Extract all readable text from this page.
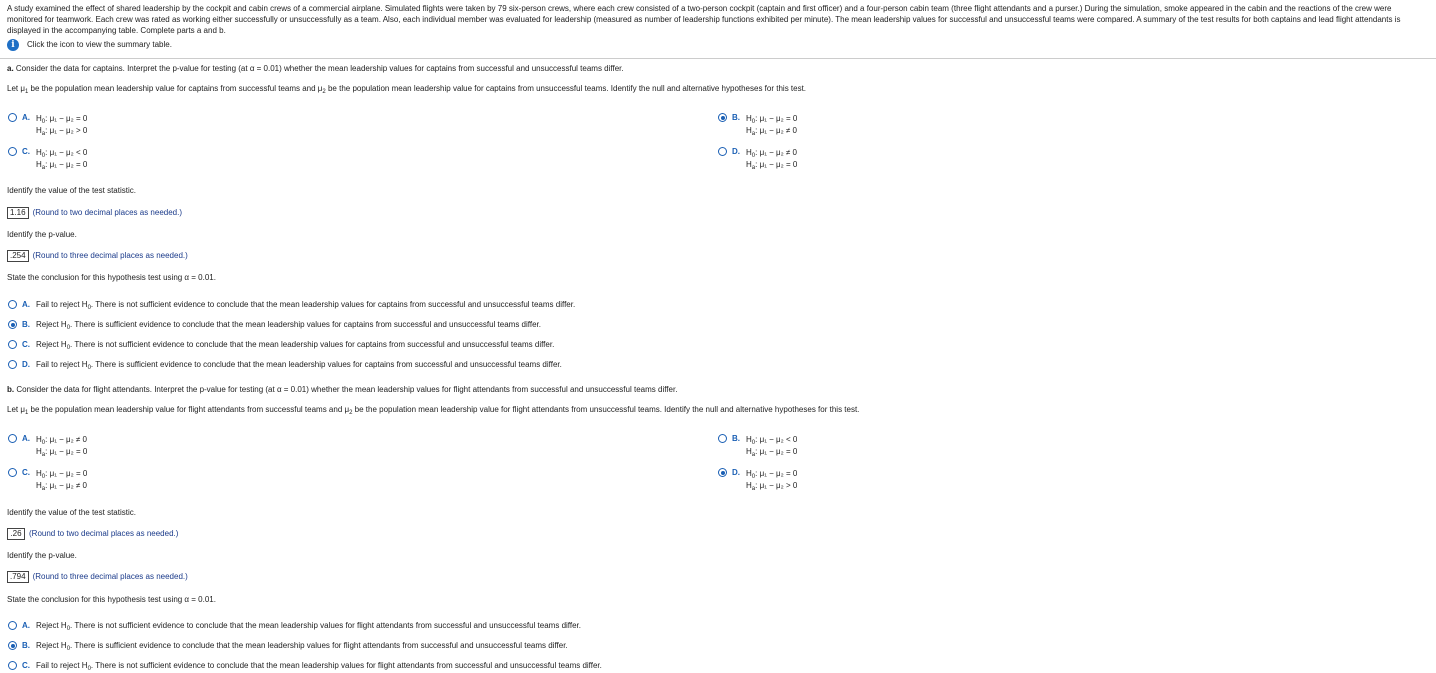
A study examined the effect of shared leadership by the cockpit and cabin crews of a commercial airplane. Simulated flights were taken by 79 six-person crews, where each crew consisted of a two-person cockpit (captain and first officer) and a four-person cabin team (three flight attendants and a purser.) During the simulation, smoke appeared in the cabin and the reactions of the crew were monitored for teamwork. Each crew was rated as working either successfully or unsuccessfully as a team. Also, each individual member was evaluated for leadership (measured as number of leadership functions exhibited per minute). The mean leadership values for successful and unsuccessful teams were compared. A summary of the test results for both captains and lead flight attendants is displayed in the accompanying table. Complete parts a and b.
i	Click the icon to view the summary table.
a. Consider the data for captains. Interpret the p-value for testing (at α = 0.01) whether the mean leadership values for captains from successful and unsuccessful teams differ.
Let $\mu_1$ be the population mean leadership value for captains from successful teams and $\mu_2$ be the population mean leadership value for captains from unsuccessful teams. Identify the null and alternative hypotheses for this test.
A. $H_0$: μ₁ − μ₂ = 0
$H_a$: μ₁ − μ₂ > 0
B. $H_0$: μ₁ − μ₂ = 0
$H_a$: μ₁ − μ₂ ≠ 0
C. $H_0$: μ₁ − μ₂ < 0
$H_a$: μ₁ − μ₂ = 0
D. $H_0$: μ₁ − μ₂ ≠ 0
$H_a$: μ₁ − μ₂ = 0
Identify the value of the test statistic.
1.16 (Round to two decimal places as needed.)
Identify the p-value.
.254 (Round to three decimal places as needed.)
State the conclusion for this hypothesis test using α = 0.01.
A. Fail to reject $H_0$. There is not sufficient evidence to conclude that the mean leadership values for captains from successful and unsuccessful teams differ.
B. Reject $H_0$. There is sufficient evidence to conclude that the mean leadership values for captains from successful and unsuccessful teams differ.
C. Reject $H_0$. There is not sufficient evidence to conclude that the mean leadership values for captains from successful and unsuccessful teams differ.
D. Fail to reject $H_0$. There is sufficient evidence to conclude that the mean leadership values for captains from successful and unsuccessful teams differ.
b. Consider the data for flight attendants. Interpret the p-value for testing (at α = 0.01) whether the mean leadership values for flight attendants from successful and unsuccessful teams differ.
Let $\mu_1$ be the population mean leadership value for flight attendants from successful teams and $\mu_2$ be the population mean leadership value for flight attendants from unsuccessful teams. Identify the null and alternative hypotheses for this test.
A. $H_0$: μ₁ − μ₂ ≠ 0
$H_a$: μ₁ − μ₂ = 0
B. $H_0$: μ₁ − μ₂ < 0
$H_a$: μ₁ − μ₂ = 0
C. $H_0$: μ₁ − μ₂ = 0
$H_a$: μ₁ − μ₂ ≠ 0
D. $H_0$: μ₁ − μ₂ = 0
$H_a$: μ₁ − μ₂ > 0
Identify the value of the test statistic.
.26 (Round to two decimal places as needed.)
Identify the p-value.
.794 (Round to three decimal places as needed.)
State the conclusion for this hypothesis test using α = 0.01.
A. Reject $H_0$. There is not sufficient evidence to conclude that the mean leadership values for flight attendants from successful and unsuccessful teams differ.
B. Reject $H_0$. There is sufficient evidence to conclude that the mean leadership values for flight attendants from successful and unsuccessful teams differ.
C. Fail to reject $H_0$. There is not sufficient evidence to conclude that the mean leadership values for flight attendants from successful and unsuccessful teams differ.
